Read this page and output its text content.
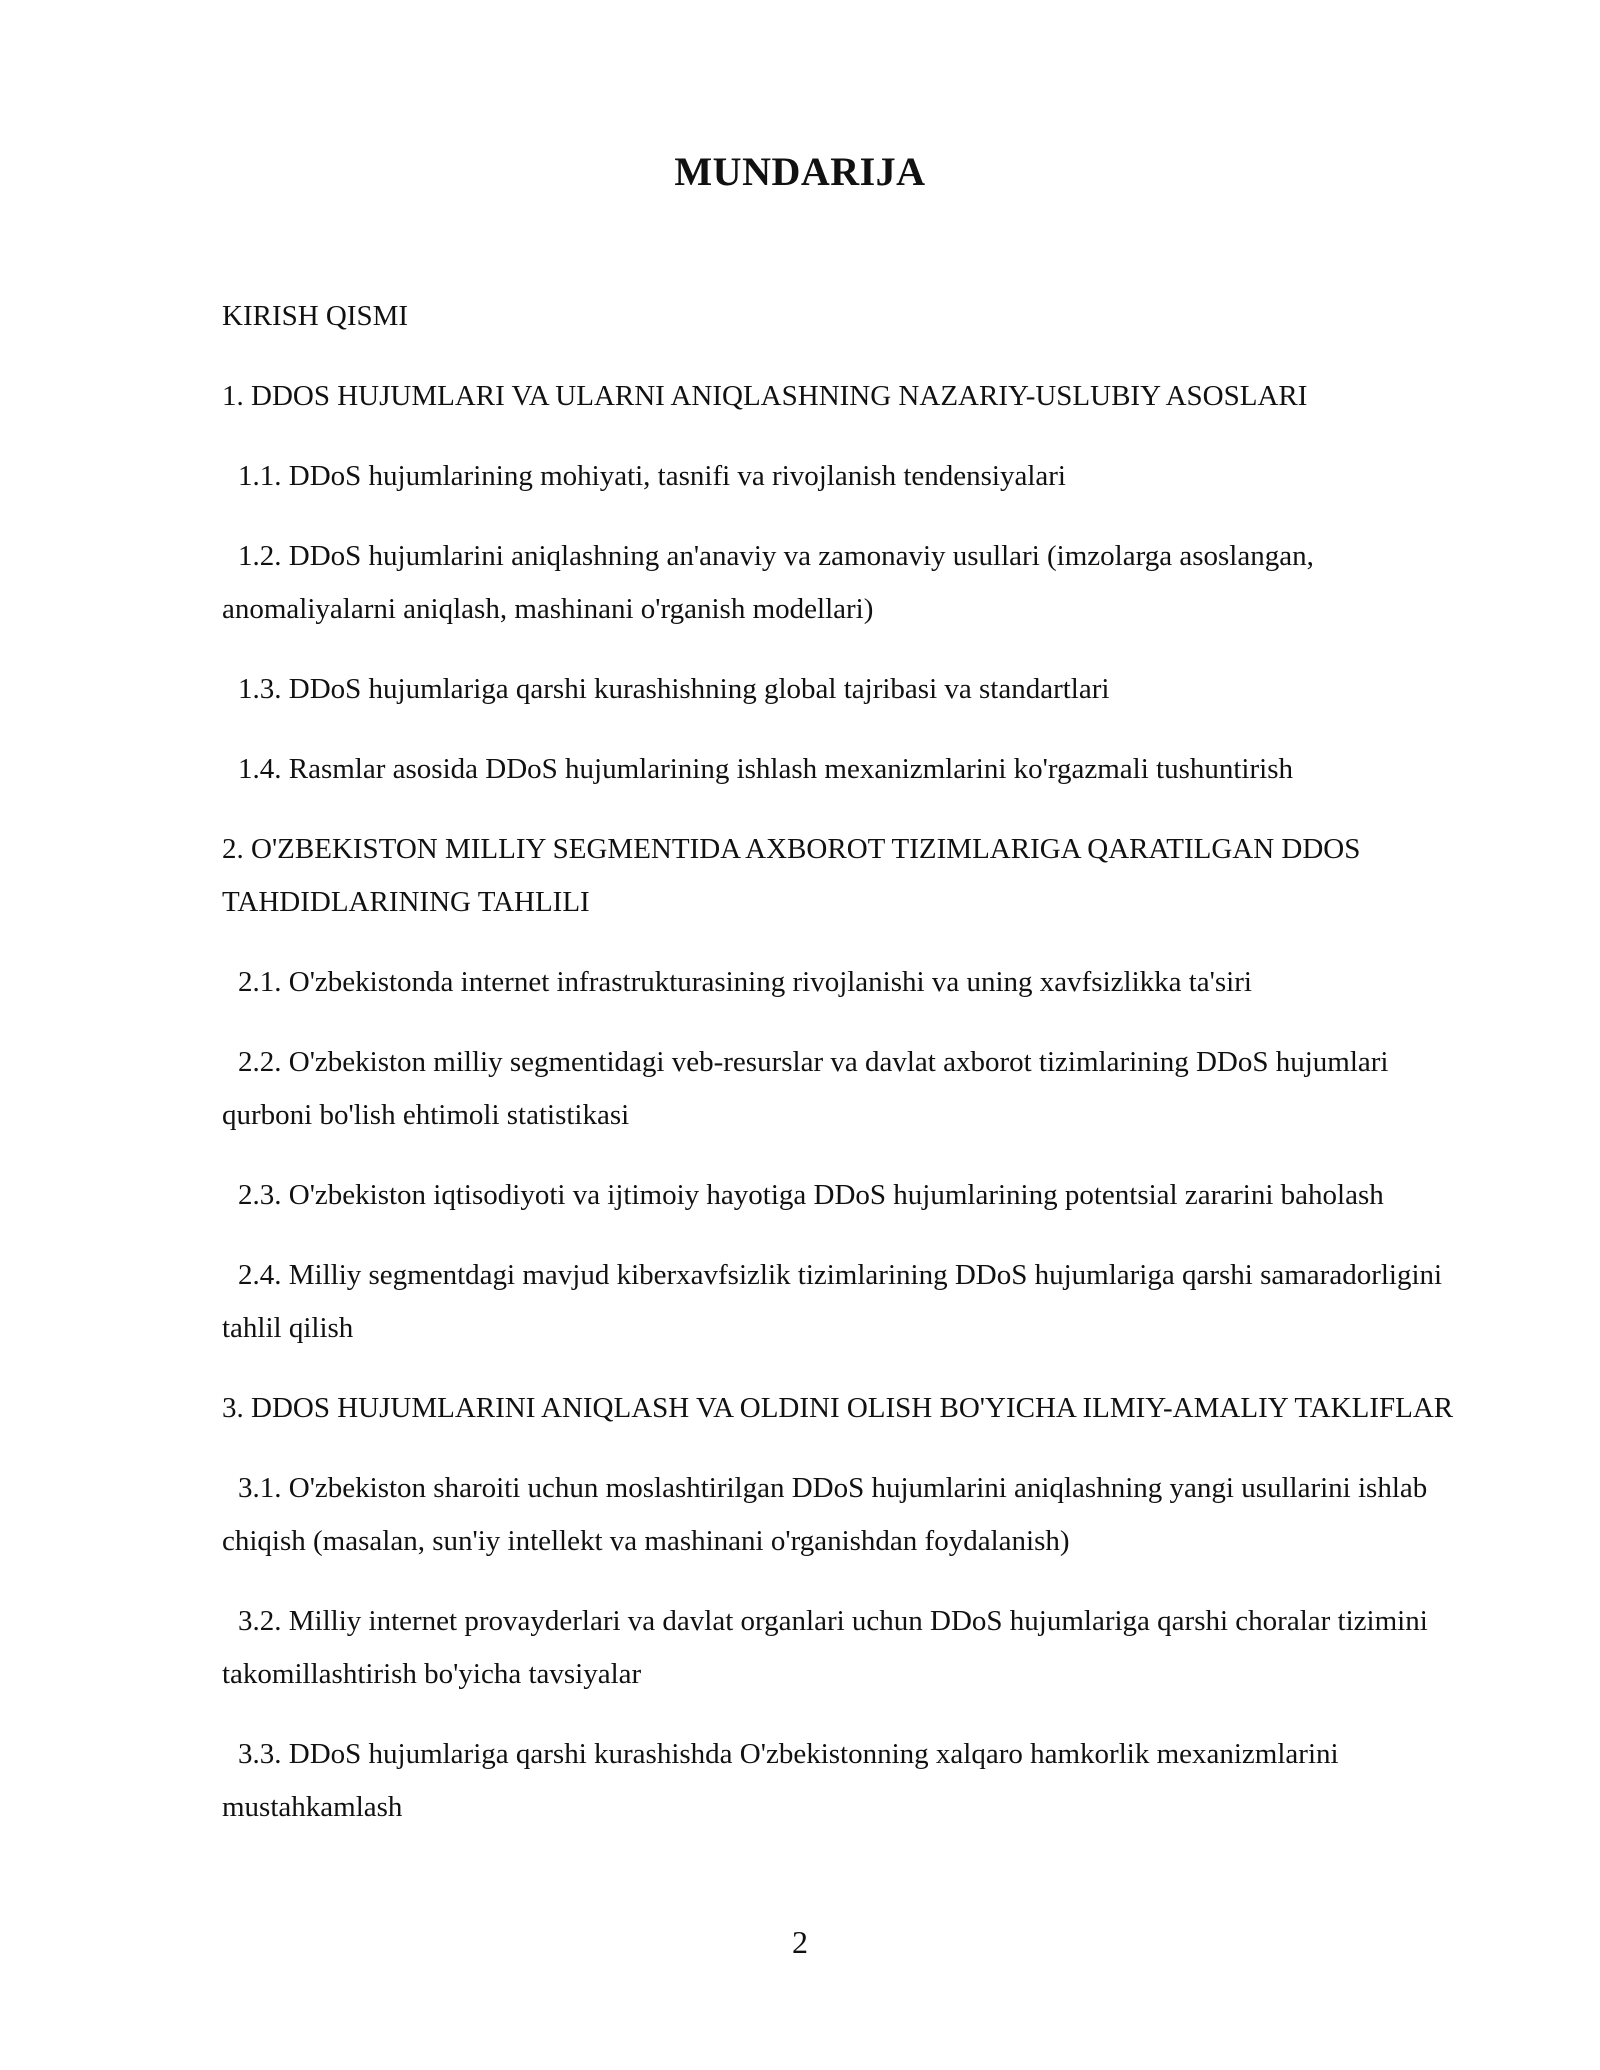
MUNDARIJA
KIRISH QISMI
1. DDOS HUJUMLARI VA ULARNI ANIQLASHNING NAZARIY-USLUBIY ASOSLARI
1.1. DDoS hujumlarining mohiyati, tasnifi va rivojlanish tendensiyalari
1.2. DDoS hujumlarini aniqlashning an'anaviy va zamonaviy usullari (imzolarga asoslangan, anomaliyalarni aniqlash, mashinani o'rganish modellari)
1.3. DDoS hujumlariga qarshi kurashishning global tajribasi va standartlari
1.4. Rasmlar asosida DDoS hujumlarining ishlash mexanizmlarini ko'rgazmali tushuntirish
2. O'ZBEKISTON MILLIY SEGMENTIDA AXBOROT TIZIMLARIGA QARATILGAN DDOS TAHDIDLARINING TAHLILI
2.1. O'zbekistonda internet infrastrukturasining rivojlanishi va uning xavfsizlikka ta'siri
2.2. O'zbekiston milliy segmentidagi veb-resurslar va davlat axborot tizimlarining DDoS hujumlari qurboni bo'lish ehtimoli statistikasi
2.3. O'zbekiston iqtisodiyoti va ijtimoiy hayotiga DDoS hujumlarining potentsial zararini baholash
2.4. Milliy segmentdagi mavjud kiberxavfsizlik tizimlarining DDoS hujumlariga qarshi samaradorligini tahlil qilish
3. DDOS HUJUMLARINI ANIQLASH VA OLDINI OLISH BO'YICHA ILMIY-AMALIY TAKLIFLAR
3.1. O'zbekiston sharoiti uchun moslashtirilgan DDoS hujumlarini aniqlashning yangi usullarini ishlab chiqish (masalan, sun'iy intellekt va mashinani o'rganishdan foydalanish)
3.2. Milliy internet provayderlari va davlat organlari uchun DDoS hujumlariga qarshi choralar tizimini takomillashtirish bo'yicha tavsiyalar
3.3. DDoS hujumlariga qarshi kurashishda O'zbekistonning xalqaro hamkorlik mexanizmlarini mustahkamlash
2
